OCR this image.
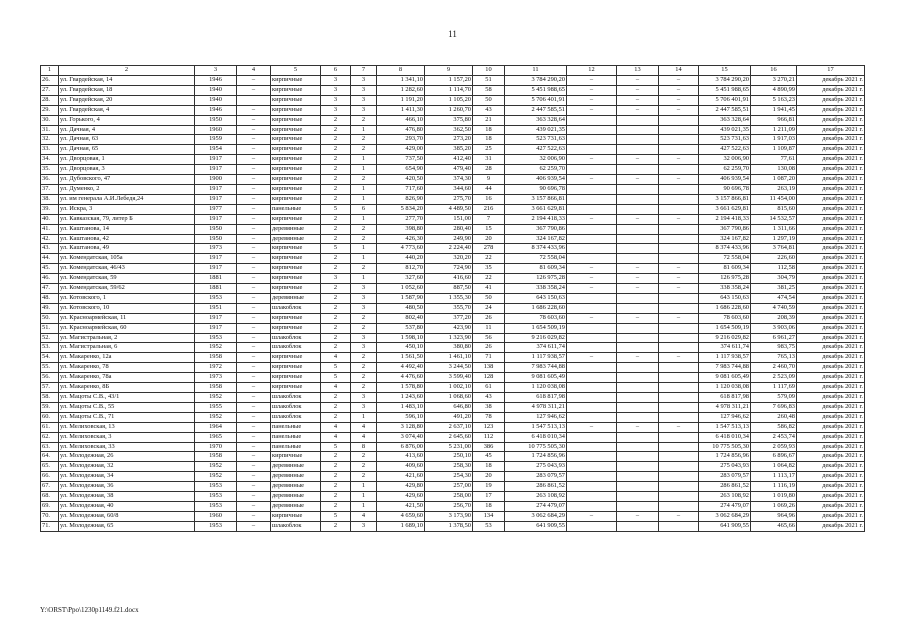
11
1	2	3	4	5	6	7	8	9	10	11	12	13	14	15	16	17
26.	ул. Гвардейская, 14	1946	–	кирпичные	3	3	1 341,10	1 157,20	51	3 784 290,20	–	–	–	3 784 290,20	3 270,21	декабрь 2021 г.
27.	ул. Гвардейская, 18	1940	–	кирпичные	3	3	1 282,60	1 114,70	58	5 451 988,65	–	–	–	5 451 988,65	4 890,99	декабрь 2021 г.
28.	ул. Гвардейская, 20	1940		кирпичные	3	3	1 191,20	1 105,20	50	5 706 401,91	–	–	–	5 706 401,91	5 163,23	декабрь 2021 г.
29.	ул. Гвардейская, 4	1946	–	кирпичные	3	3	1 411,30	1 260,70	43	2 447 585,51	–	–	–	2 447 585,51	1 941,45	декабрь 2021 г.
30.	ул. Горького, 4	1950	–	кирпичные	2	2	466,10	375,80	21	363 328,64				363 328,64	966,81	декабрь 2021 г.
31.	ул. Дачная, 4	1960	–	кирпичные	2	1	476,80	362,50	18	439 021,35				439 021,35	1 211,09	декабрь 2021 г.
32.	ул. Дачная, 63	1959	–	кирпичные	2	2	293,70	273,20	18	523 731,63				523 731,63	1 917,03	декабрь 2021 г.
33.	ул. Дачная, 65	1954	–	кирпичные	2	2	429,00	385,20	25	427 522,63				427 522,63	1 109,87	декабрь 2021 г.
34.	ул. Дворцовая, 1	1917	–	кирпичные	2	1	737,50	412,40	31	32 006,90	–	–	–	32 006,90	77,61	декабрь 2021 г.
35.	ул. Дворцовая, 3	1917	–	кирпичные	2	1	654,90	479,40	28	62 259,70				62 259,70	130,08	декабрь 2021 г.
36.	ул. Дубовского, 47	1900	–	кирпичные	2	2	420,50	374,30	9	406 939,54	–	–	–	406 939,54	1 087,20	декабрь 2021 г.
37.	ул. Думенко, 2	1917	–	кирпичные	2	1	717,60	344,60	44	90 696,78				90 696,78	263,19	декабрь 2021 г.
38.	ул. им генерала А.И.Лебедя,24	1917	–	кирпичные	2	1	826,90	275,70	16	3 157 866,81				3 157 866,81	11 454,00	декабрь 2021 г.
39.	ул. Искра, 3	1977	–	панельные	5	6	5 834,20	4 489,50	216	3 661 629,81				3 661 629,81	815,60	декабрь 2021 г.
40.	ул. Кавказская, 79, литер Б	1917	–	кирпичные	2	1	277,70	151,00	7	2 194 418,33	–	–	–	2 194 418,33	14 532,57	декабрь 2021 г.
41.	ул. Каштанова, 14	1950	–	деревянные	2	2	398,80	280,40	15	367 790,86				367 790,86	1 311,66	декабрь 2021 г.
42.	ул. Каштанова, 42	1950	–	деревянные	2	2	426,30	249,90	20	324 167,82				324 167,82	1 297,19	декабрь 2021 г.
43.	ул. Каштанова, 49	1973	–	кирпичные	5	1	4 773,60	2 224,40	278	8 374 433,96				8 374 433,96	3 764,81	декабрь 2021 г.
44.	ул. Комендатская, 105а	1917	–	кирпичные	2	1	440,20	320,20	22	72 558,04				72 558,04	226,60	декабрь 2021 г.
45.	ул. Комендатская, 46/43	1917	–	кирпичные	2	2	812,70	724,90	35	81 609,34	–	–	–	81 609,34	112,58	декабрь 2021 г.
46.	ул. Комендатская, 59	1881	–	кирпичные	3	1	327,60	416,60	22	126 975,28	–	–	–	126 975,28	304,79	декабрь 2021 г.
47.	ул. Комендатская, 59/62	1881	–	кирпичные	2	3	1 052,60	887,50	41	338 358,24	–	–	–	338 358,24	381,25	декабрь 2021 г.
48.	ул. Котовского, 1	1953	–	деревянные	2	3	1 587,90	1 355,30	50	643 150,63				643 150,63	474,54	декабрь 2021 г.
49.	ул. Котовского, 10	1951	–	шлакоблок	2	3	480,50	355,70	24	1 686 228,60				1 686 228,60	4 740,59	декабрь 2021 г.
50.	ул. Красноармейская, 11	1917	–	кирпичные	2	2	802,40	377,20	26	78 603,60	–	–	–	78 603,60	208,39	декабрь 2021 г.
51.	ул. Красноармейская, 60	1917	–	кирпичные	2	2	537,80	423,90	11	1 654 509,19				1 654 509,19	3 903,06	декабрь 2021 г.
52.	ул. Магистральная, 2	1953	–	шлакоблок	2	3	1 598,10	1 323,90	56	9 216 029,82				9 216 029,82	6 961,27	декабрь 2021 г.
53.	ул. Магистральная, 6	1952	–	шлакоблок	2	3	450,10	380,80	26	374 611,74				374 611,74	983,75	декабрь 2021 г.
54.	ул. Макаренко, 12а	1958	–	кирпичные	4	2	1 561,50	1 461,10	71	1 117 938,57	–	–	–	1 117 938,57	765,13	декабрь 2021 г.
55.	ул. Макаренко, 78	1972	–	кирпичные	5	2	4 492,40	3 244,50	138	7 983 744,88				7 983 744,88	2 460,70	декабрь 2021 г.
56.	ул. Макаренко, 78а	1973	–	кирпичные	5	2	4 476,60	3 599,40	128	9 081 605,49				9 081 605,49	2 523,09	декабрь 2021 г.
57.	ул. Макаренко, 8Б	1958	–	кирпичные	4	2	1 578,80	1 002,10	61	1 120 038,08				1 120 038,08	1 117,69	декабрь 2021 г.
58.	ул. Мацоты С.В., 43/1	1952	–	шлакоблок	2	3	1 243,60	1 068,60	43	618 817,98				618 817,98	579,09	декабрь 2021 г.
59.	ул. Мацоты С.В., 55	1955	–	шлакоблок	2	3	1 483,10	646,80	38	4 978 311,21				4 978 311,21	7 696,83	декабрь 2021 г.
60.	ул. Мацоты С.В., 71	1952	–	шлакоблок	2	1	596,10	491,20	78	127 946,62				127 946,62	260,48	декабрь 2021 г.
61.	ул. Мелиховская, 13	1964	–	панельные	4	4	3 128,80	2 637,10	123	1 547 513,13	–	–	–	1 547 513,13	586,82	декабрь 2021 г.
62.	ул. Мелиховская, 3	1965	–	панельные	4	4	3 074,40	2 645,60	112	6 418 010,34				6 418 010,34	2 453,74	декабрь 2021 г.
63.	ул. Мелиховская, 33	1970	–	панельные	5	8	6 876,00	5 231,00	386	10 775 505,30				10 775 505,30	2 059,93	декабрь 2021 г.
64.	ул. Молодежная, 26	1958	–	кирпичные	2	2	413,60	250,10	45	1 724 856,96				1 724 856,96	6 896,67	декабрь 2021 г.
65.	ул. Молодежная, 32	1952	–	деревянные	2	2	409,60	258,30	18	275 043,93				275 043,93	1 064,82	декабрь 2021 г.
66.	ул. Молодежная, 34	1952	–	деревянные	2	2	421,60	254,30	20	283 079,57				283 079,57	1 113,17	декабрь 2021 г.
67.	ул. Молодежная, 36	1953	–	деревянные	2	1	429,80	257,00	19	286 861,52				286 861,52	1 116,19	декабрь 2021 г.
68.	ул. Молодежная, 38	1953	–	деревянные	2	1	429,60	258,00	17	263 108,92				263 108,92	1 019,80	декабрь 2021 г.
69.	ул. Молодежная, 40	1953	–	деревянные	2	1	421,50	256,70	18	274 479,07				274 479,07	1 069,26	декабрь 2021 г.
70.	ул. Молодежная, 60/8	1960	–	кирпичные	5	4	4 659,60	3 173,90	134	3 062 684,29	–	–	–	3 062 684,29	964,96	декабрь 2021 г.
71.	ул. Молодежная, 65	1953	–	шлакоблок	2	3	1 689,10	1 378,50	53	641 909,55				641 909,55	465,66	декабрь 2021 г.
Y:\ORST\Ppo\1230p1149.f21.docx
